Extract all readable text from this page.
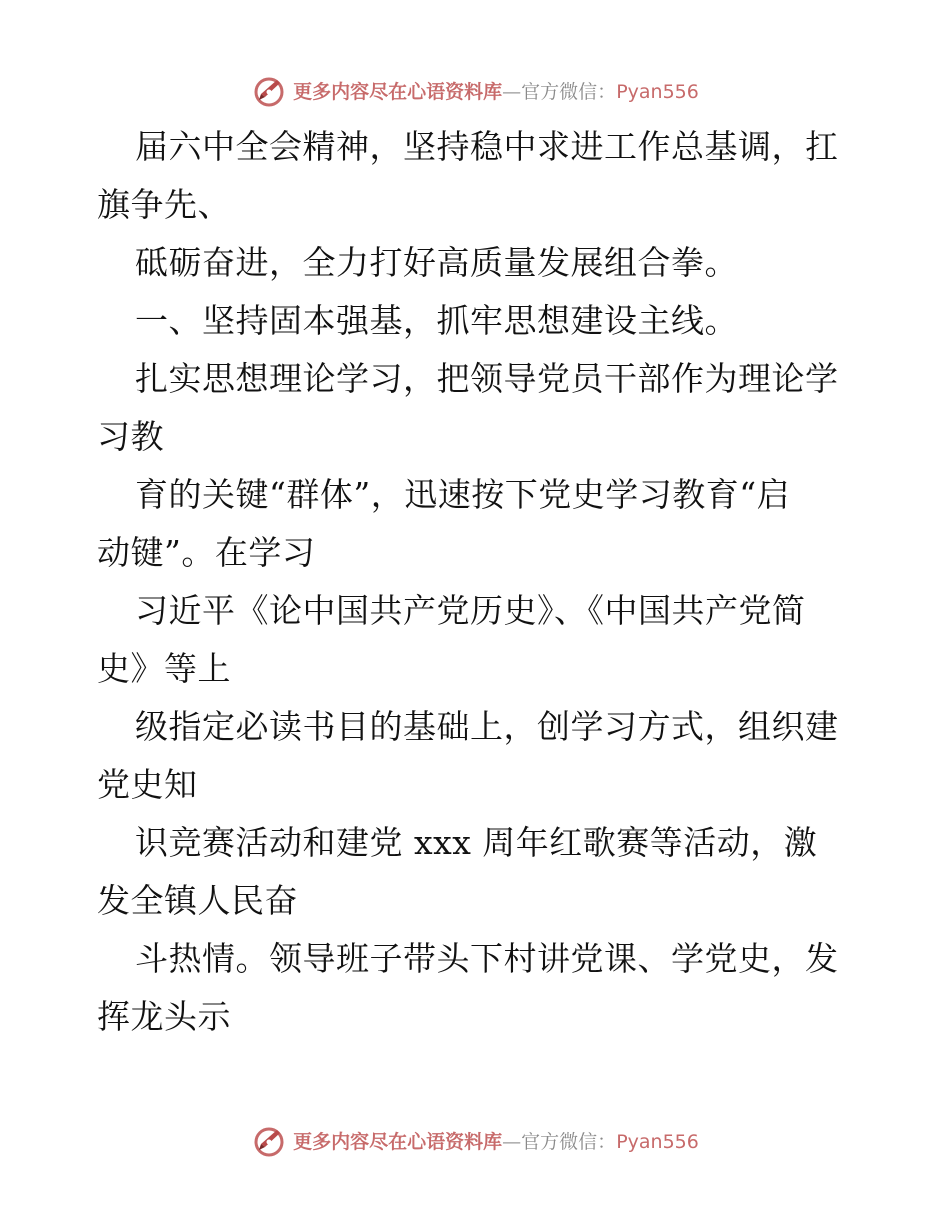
更多内容尽在心语资料库—官方微信：Pyan556
届六中全会精神，坚持稳中求进工作总基调，扛
旗争先、
砥砺奋进，全力打好高质量发展组合拳。
一、坚持固本强基，抓牢思想建设主线。
扎实思想理论学习，把领导党员干部作为理论学
习教
育的关键“群体”，迅速按下党史学习教育“启
动键”。在学习
习近平《论中国共产党历史》、《中国共产党简
史》等上
级指定必读书目的基础上，创学习方式，组织建
党史知
识竞赛活动和建党 xxx 周年红歌赛等活动，激
发全镇人民奋
斗热情。领导班子带头下村讲党课、学党史，发
挥龙头示
更多内容尽在心语资料库—官方微信：Pyan556
